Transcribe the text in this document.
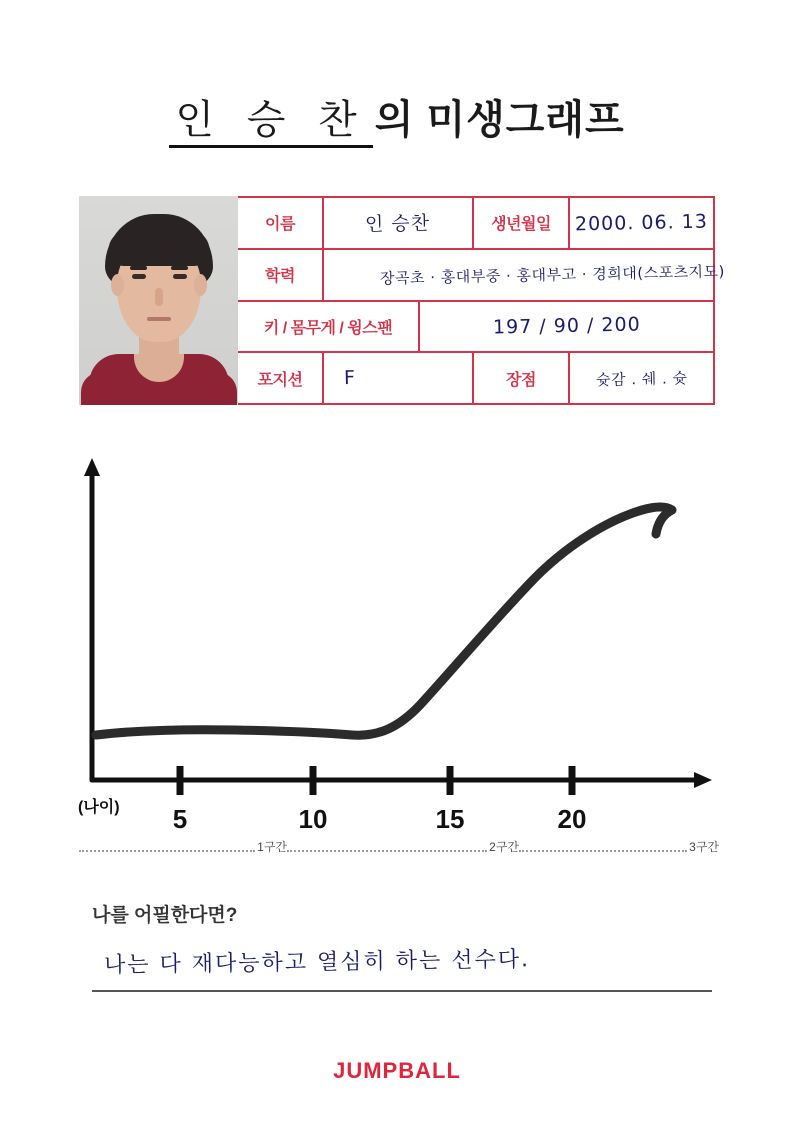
인 승 찬 의 미생그래프
이름	인 승찬	생년월일 2000. 06. 13
학력	장곡초 · 홍대부중 · 홍대부고 · 경희대(스포츠지도)
키 / 몸무게 / 윙스팬	197 / 90 / 200
포지션 F	장점	슛감 . 쉐 . 슛
5	10	15	20
(나이)
1구간	2구간	3구간
나를 어필한다면?
나는 다 재다능하고 열심히 하는 선수다.
JUMPBALL
